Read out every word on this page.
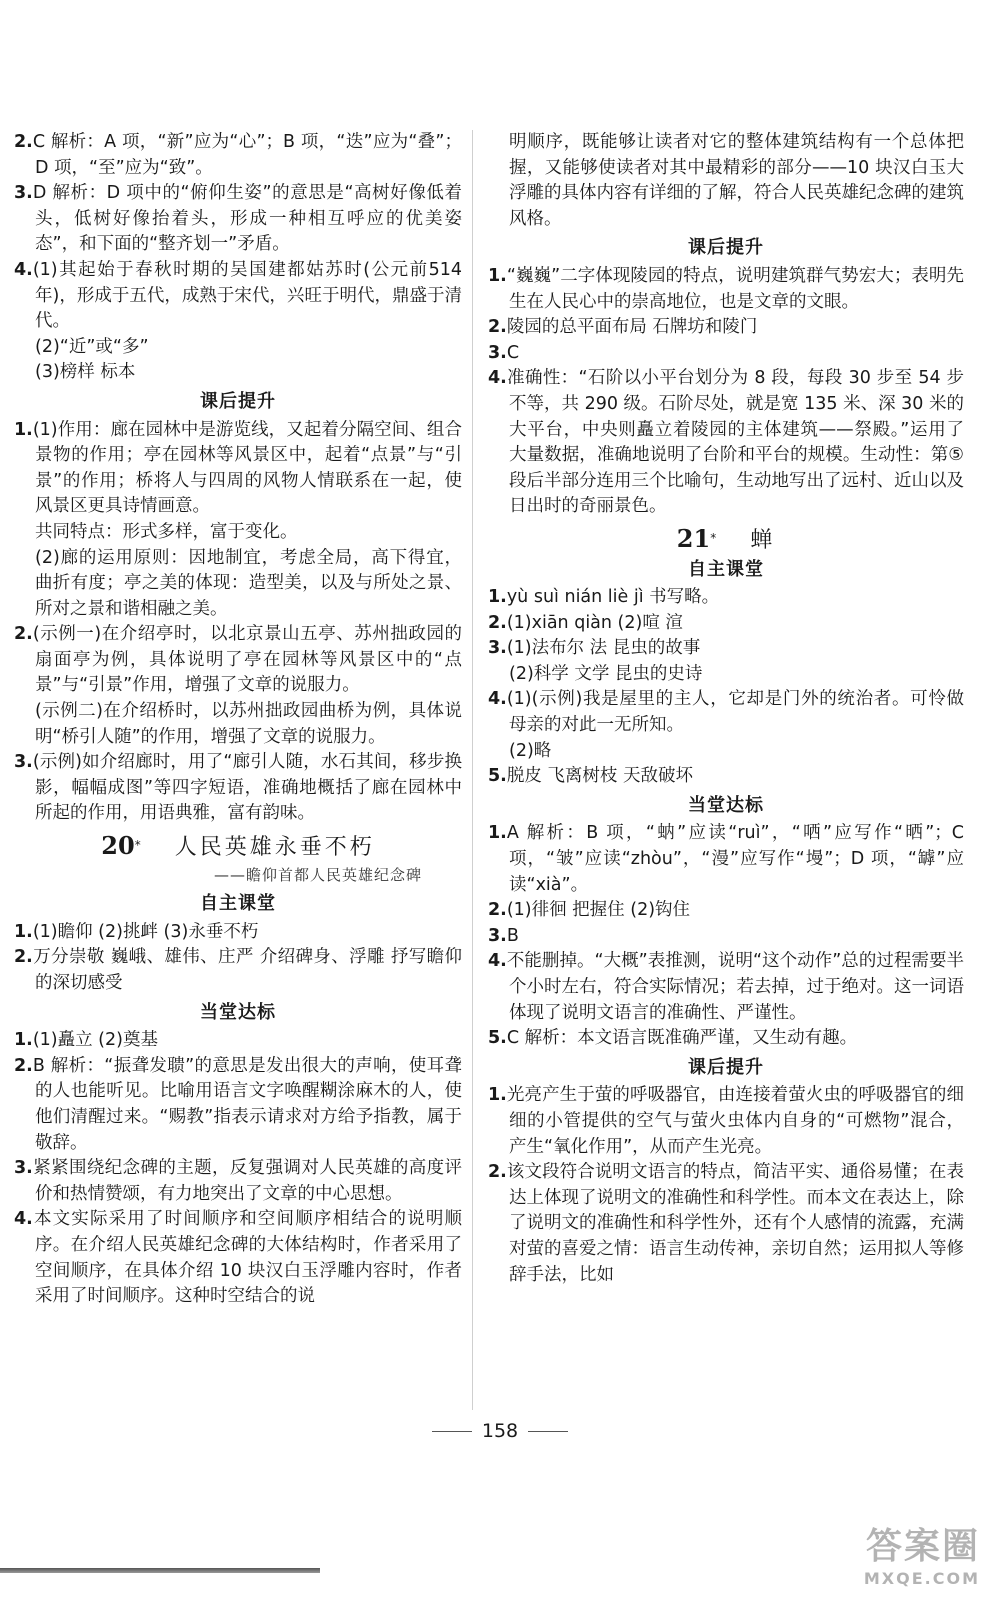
2.C 解析：A 项，“新”应为“心”；B 项，“迭”应为“叠”；D 项，“至”应为“致”。
3.D 解析：D 项中的“俯仰生姿”的意思是“高树好像低着头，低树好像抬着头，形成一种相互呼应的优美姿态”，和下面的“整齐划一”矛盾。
4.(1)其起始于春秋时期的吴国建都姑苏时(公元前514 年)，形成于五代，成熟于宋代，兴旺于明代，鼎盛于清代。
(2)“近”或“多”
(3)榜样 标本
课后提升
1.(1)作用：廊在园林中是游览线，又起着分隔空间、组合景物的作用；亭在园林等风景区中，起着“点景”与“引景”的作用；桥将人与四周的风物人情联系在一起，使风景区更具诗情画意。
共同特点：形式多样，富于变化。
(2)廊的运用原则：因地制宜，考虑全局，高下得宜，曲折有度；亭之美的体现：造型美，以及与所处之景、所对之景和谐相融之美。
2.(示例一)在介绍亭时，以北京景山五亭、苏州拙政园的扇面亭为例，具体说明了亭在园林等风景区中的“点景”与“引景”作用，增强了文章的说服力。
(示例二)在介绍桥时，以苏州拙政园曲桥为例，具体说明“桥引人随”的作用，增强了文章的说服力。
3.(示例)如介绍廊时，用了“廊引人随，水石其间，移步换影，幅幅成图”等四字短语，准确地概括了廊在园林中所起的作用，用语典雅，富有韵味。
20* 人民英雄永垂不朽
——瞻仰首都人民英雄纪念碑
自主课堂
1.(1)瞻仰 (2)挑衅 (3)永垂不朽
2.万分崇敬 巍峨、雄伟、庄严 介绍碑身、浮雕 抒写瞻仰的深切感受
当堂达标
1.(1)矗立 (2)奠基
2.B 解析：“振聋发聩”的意思是发出很大的声响，使耳聋的人也能听见。比喻用语言文字唤醒糊涂麻木的人，使他们清醒过来。“赐教”指表示请求对方给予指教，属于敬辞。
3.紧紧围绕纪念碑的主题，反复强调对人民英雄的高度评价和热情赞颂，有力地突出了文章的中心思想。
4.本文实际采用了时间顺序和空间顺序相结合的说明顺序。在介绍人民英雄纪念碑的大体结构时，作者采用了空间顺序，在具体介绍 10 块汉白玉浮雕内容时，作者采用了时间顺序。这种时空结合的说
明顺序，既能够让读者对它的整体建筑结构有一个总体把握，又能够使读者对其中最精彩的部分——10 块汉白玉大浮雕的具体内容有详细的了解，符合人民英雄纪念碑的建筑风格。
课后提升
1.“巍巍”二字体现陵园的特点，说明建筑群气势宏大；表明先生在人民心中的崇高地位，也是文章的文眼。
2.陵园的总平面布局 石牌坊和陵门
3.C
4.准确性：“石阶以小平台划分为 8 段，每段 30 步至 54 步不等，共 290 级。石阶尽处，就是宽 135 米、深 30 米的大平台，中央则矗立着陵园的主体建筑——祭殿。”运用了大量数据，准确地说明了台阶和平台的规模。生动性：第⑤段后半部分连用三个比喻句，生动地写出了远村、近山以及日出时的奇丽景色。
21* 蝉
自主课堂
1.yù suì nián liè jì 书写略。
2.(1)xiān qiàn (2)喧 渲
3.(1)法布尔 法 昆虫的故事
(2)科学 文学 昆虫的史诗
4.(1)(示例)我是屋里的主人，它却是门外的统治者。可怜做母亲的对此一无所知。
(2)略
5.脱皮 飞离树枝 天敌破坏
当堂达标
1.A 解析：B 项，“蚋”应读“ruì”，“哂”应写作“晒”；C 项，“皱”应读“zhòu”，“漫”应写作“墁”；D 项，“罅”应读“xià”。
2.(1)徘徊 把握住 (2)钩住
3.B
4.不能删掉。“大概”表推测，说明“这个动作”总的过程需要半个小时左右，符合实际情况；若去掉，过于绝对。这一词语体现了说明文语言的准确性、严谨性。
5.C 解析：本文语言既准确严谨，又生动有趣。
课后提升
1.光亮产生于萤的呼吸器官，由连接着萤火虫的呼吸器官的细细的小管提供的空气与萤火虫体内自身的“可燃物”混合，产生“氧化作用”，从而产生光亮。
2.该文段符合说明文语言的特点，简洁平实、通俗易懂；在表达上体现了说明文的准确性和科学性。而本文在表达上，除了说明文的准确性和科学性外，还有个人感情的流露，充满对萤的喜爱之情：语言生动传神，亲切自然；运用拟人等修辞手法，比如
158
答案圈
MXQE.COM
